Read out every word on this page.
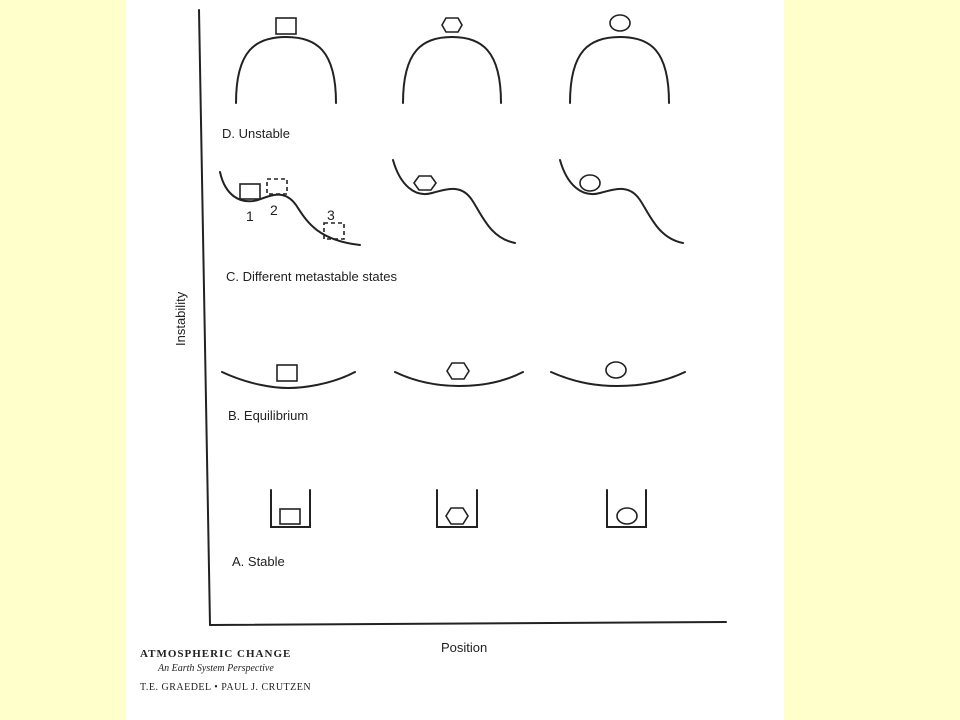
Position
Instability
D. Unstable
1 2	3
C. Different metastable states
B. Equilibrium
A. Stable
ATMOSPHERIC CHANGE
An Earth System Perspective
T.E. GRAEDEL • PAUL J. CRUTZEN
